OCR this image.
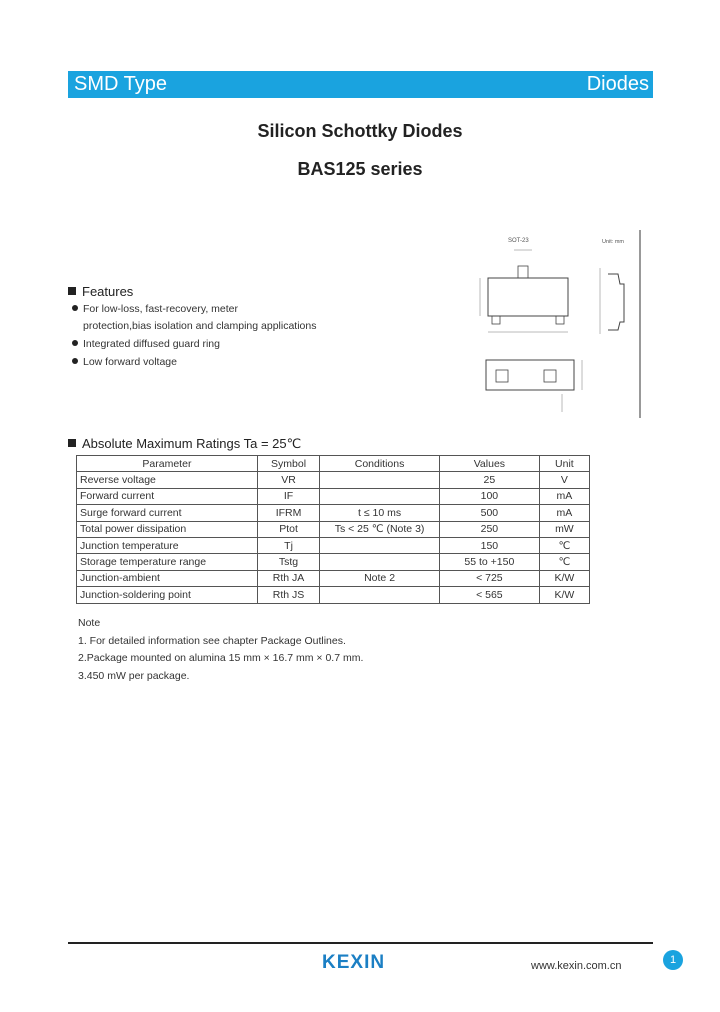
SMD Type	Diodes
Silicon Schottky Diodes
BAS125 series
Features
For low-loss, fast-recovery, meter
protection,bias isolation and clamping applications
Integrated diffused guard ring
Low forward voltage
SOT-23	Unit: mm
Absolute Maximum Ratings Ta = 25℃
Parameter	Symbol	Conditions	Values	Unit
Reverse voltage	VR		25	V
Forward current	IF		100	mA
Surge forward current	IFRM	t ≤ 10 ms	500	mA
Total power dissipation	Ptot	Ts < 25 ℃ (Note 3)	250	mW
Junction temperature	Tj		150	℃
Storage temperature range	Tstg		55 to +150	℃
Junction-ambient	Rth JA	Note 2	< 725	K/W
Junction-soldering point	Rth JS		< 565	K/W
Note
1. For detailed information see chapter Package Outlines.
2.Package mounted on alumina 15 mm × 16.7 mm × 0.7 mm.
3.450 mW per package.
KEXIN	www.kexin.com.cn	1
